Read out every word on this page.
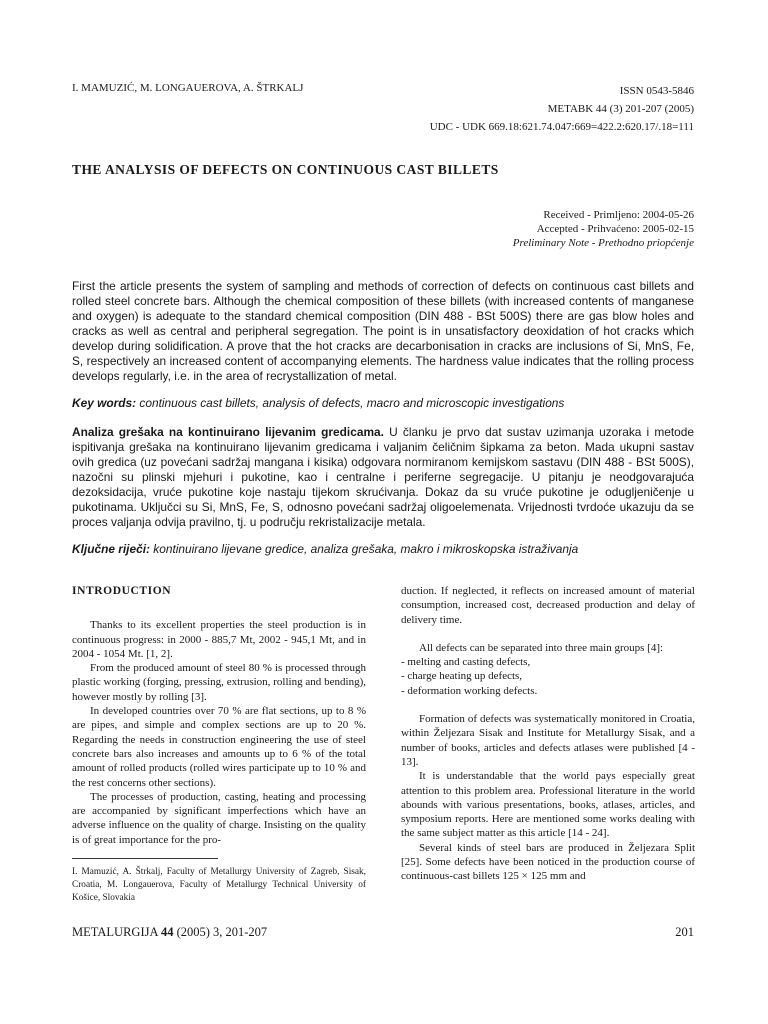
I. MAMUZIĆ, M. LONGAUEROVA, A. ŠTRKALJ	ISSN 0543-5846
METABK 44 (3) 201-207 (2005)
UDC - UDK 669.18:621.74.047:669=422.2:620.17/.18=111
THE ANALYSIS OF DEFECTS ON CONTINUOUS CAST BILLETS
Received - Primljeno: 2004-05-26
Accepted - Prihvaćeno: 2005-02-15
Preliminary Note - Prethodno priopćenje
First the article presents the system of sampling and methods of correction of defects on continuous cast billets and rolled steel concrete bars. Although the chemical composition of these billets (with increased contents of manganese and oxygen) is adequate to the standard chemical composition (DIN 488 - BSt 500S) there are gas blow holes and cracks as well as central and peripheral segregation. The point is in unsatisfactory deoxidation of hot cracks which develop during solidification. A prove that the hot cracks are decarbonisation in cracks are inclusions of Si, MnS, Fe, S, respectively an increased content of accompanying elements. The hardness value indicates that the rolling process develops regularly, i.e. in the area of recrystallization of metal.
Key words: continuous cast billets, analysis of defects, macro and microscopic investigations
Analiza grešaka na kontinuirano lijevanim gredicama. U članku je prvo dat sustav uzimanja uzoraka i metode ispitivanja grešaka na kontinuirano lijevanim gredicama i valjanim čeličnim šipkama za beton. Mada ukupni sastav ovih gredica (uz povećani sadržaj mangana i kisika) odgovara normiranom kemijskom sastavu (DIN 488 - BSt 500S), nazočni su plinski mjehuri i pukotine, kao i centralne i periferne segregacije. U pitanju je neodgovarajuća dezoksidacija, vruće pukotine koje nastaju tijekom skrućivanja. Dokaz da su vruće pukotine je odugljeničenje u pukotinama. Uključci su Si, MnS, Fe, S, odnosno povećani sadržaj oligoelemenata. Vrijednosti tvrdoće ukazuju da se proces valjanja odvija pravilno, tj. u području rekristalizacije metala.
Ključne riječi: kontinuirano lijevane gredice, analiza grešaka, makro i mikroskopska istraživanja
INTRODUCTION

Thanks to its excellent properties the steel production is in continuous progress: in 2000 - 885,7 Mt, 2002 - 945,1 Mt, and in 2004 - 1054 Mt. [1, 2].

From the produced amount of steel 80 % is processed through plastic working (forging, pressing, extrusion, rolling and bending), however mostly by rolling [3].

In developed countries over 70 % are flat sections, up to 8 % are pipes, and simple and complex sections are up to 20 %. Regarding the needs in construction engineering the use of steel concrete bars also increases and amounts up to 6 % of the total amount of rolled products (rolled wires participate up to 10 % and the rest concerns other sections).

The processes of production, casting, heating and processing are accompanied by significant imperfections which have an adverse influence on the quality of charge. Insisting on the quality is of great importance for the pro-

duction. If neglected, it reflects on increased amount of material consumption, increased cost, decreased production and delay of delivery time.

All defects can be separated into three main groups [4]:

- melting and casting defects,
- charge heating up defects,
- deformation working defects.

Formation of defects was systematically monitored in Croatia, within Željezara Sisak and Institute for Metallurgy Sisak, and a number of books, articles and defects atlases were published [4 - 13].

It is understandable that the world pays especially great attention to this problem area. Professional literature in the world abounds with various presentations, books, atlases, articles, and symposium reports. Here are mentioned some works dealing with the same subject matter as this article [14 - 24].

Several kinds of steel bars are produced in Željezara Split [25]. Some defects have been noticed in the production course of continuous-cast billets 125 × 125 mm and

I. Mamuzić, A. Štrkalj, Faculty of Metallurgy University of Zagreb, Sisak, Croatia, M. Longauerova, Faculty of Metallurgy Technical University of Košice, Slovakia
METALURGIJA 44 (2005) 3, 201-207	201
